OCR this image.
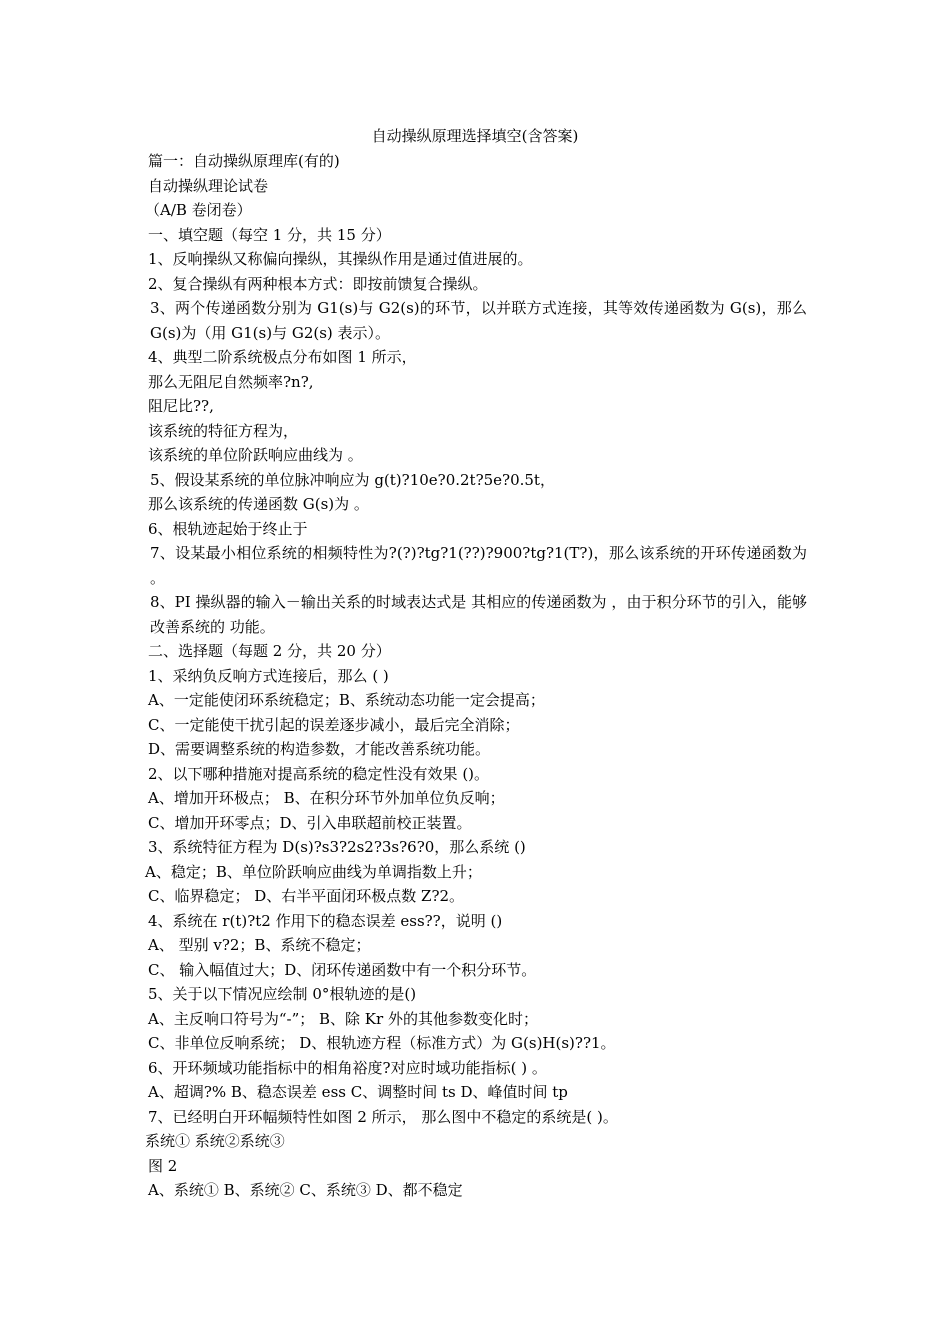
自动操纵原理选择填空(含答案)
篇一：自动操纵原理库(有的)
自动操纵理论试卷
（A/B 卷闭卷）
一、填空题（每空 1 分，共 15 分）
1、反响操纵又称偏向操纵，其操纵作用是通过值进展的。
2、复合操纵有两种根本方式：即按前馈复合操纵。
3、两个传递函数分别为 G1(s)与 G2(s)的环节，以并联方式连接，其等效传递函数为 G(s)，那么 G(s)为（用 G1(s)与 G2(s) 表示）。
4、典型二阶系统极点分布如图 1 所示，
那么无阻尼自然频率?n?,
阻尼比??,
该系统的特征方程为，
该系统的单位阶跃响应曲线为 。
5、假设某系统的单位脉冲响应为 g(t)?10e?0.2t?5e?0.5t，
那么该系统的传递函数 G(s)为 。
6、根轨迹起始于终止于
7、设某最小相位系统的相频特性为?(?)?tg?1(??)?900?tg?1(T?)，那么该系统的开环传递函数为 。
8、PI 操纵器的输入－输出关系的时域表达式是 其相应的传递函数为 ，由于积分环节的引入，能够改善系统的 功能。
二、选择题（每题 2 分，共 20 分）
1、采纳负反响方式连接后，那么 ( )
A、一定能使闭环系统稳定；B、系统动态功能一定会提高；
C、一定能使干扰引起的误差逐步减小，最后完全消除；
D、需要调整系统的构造参数，才能改善系统功能。
2、以下哪种措施对提高系统的稳定性没有效果 ()。
A、增加开环极点； B、在积分环节外加单位负反响；
C、增加开环零点；D、引入串联超前校正装置。
3、系统特征方程为 D(s)?s3?2s2?3s?6?0，那么系统 ()
A、稳定；B、单位阶跃响应曲线为单调指数上升；
C、临界稳定； D、右半平面闭环极点数 Z?2。
4、系统在 r(t)?t2 作用下的稳态误差 ess??，说明 ()
A、 型别 v?2；B、系统不稳定；
C、 输入幅值过大；D、闭环传递函数中有一个积分环节。
5、关于以下情况应绘制 0°根轨迹的是()
A、主反响口符号为“-”； B、除 Kr 外的其他参数变化时；
C、非单位反响系统； D、根轨迹方程（标准方式）为 G(s)H(s)??1。
6、开环频域功能指标中的相角裕度?对应时域功能指标( ) 。
A、超调?% B、稳态误差 ess C、调整时间 ts D、峰值时间 tp
7、已经明白开环幅频特性如图 2 所示， 那么图中不稳定的系统是( )。
系统① 系统②系统③
图 2
A、系统① B、系统② C、系统③ D、都不稳定
